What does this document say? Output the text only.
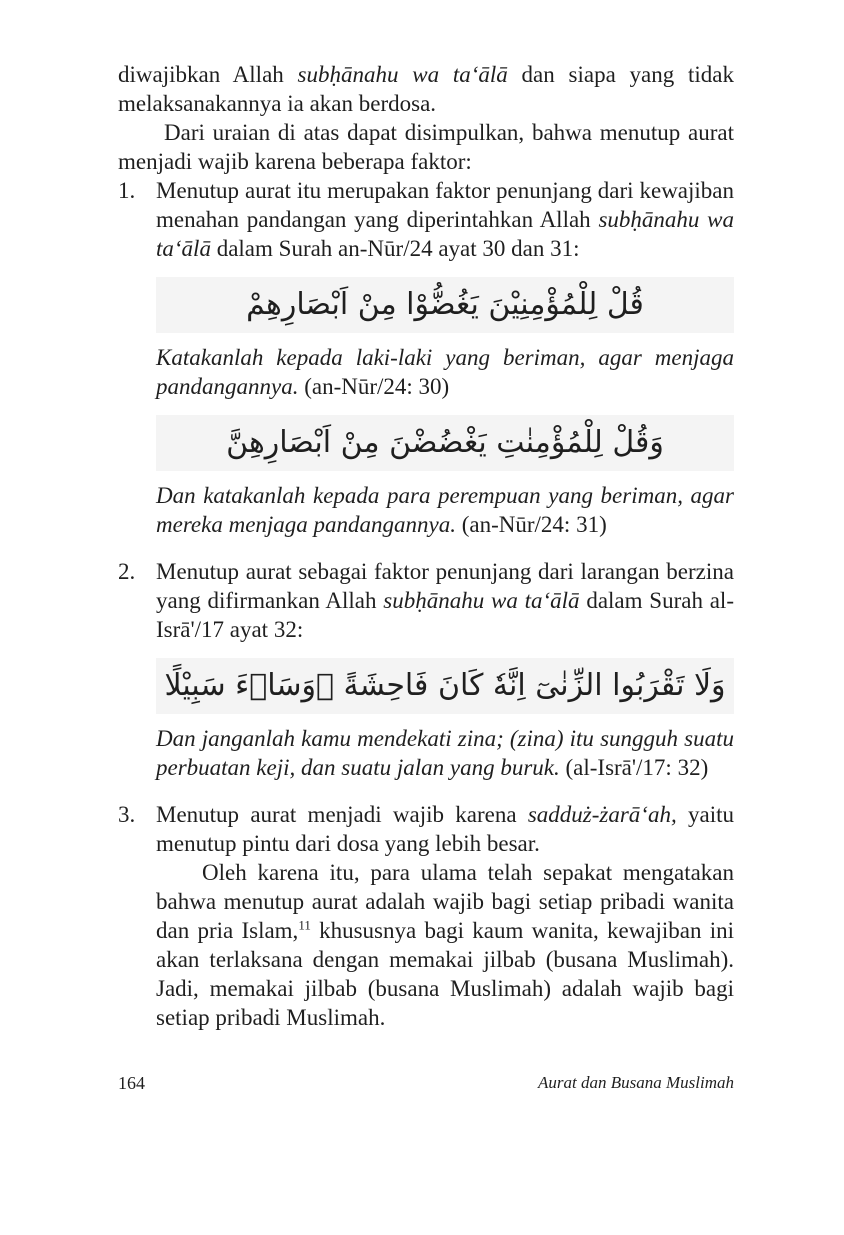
diwajibkan Allah subḥānahu wa ta‘ālā dan siapa yang tidak melaksanakannya ia akan berdosa.

Dari uraian di atas dapat disimpulkan, bahwa menutup aurat menjadi wajib karena beberapa faktor:

1. Menutup aurat itu merupakan faktor penunjang dari kewajiban menahan pandangan yang diperintahkan Allah subḥānahu wa ta‘ālā dalam Surah an-Nūr/24 ayat 30 dan 31:

قُلْ لِلْمُؤْمِنِيْنَ يَغُضُّوْا مِنْ اَبْصَارِهِمْ

Katakanlah kepada laki-laki yang beriman, agar menjaga pandangannya. (an-Nūr/24: 30)

وَقُلْ لِلْمُؤْمِنٰتِ يَغْضُضْنَ مِنْ اَبْصَارِهِنَّ

Dan katakanlah kepada para perempuan yang beriman, agar mereka menjaga pandangannya. (an-Nūr/24: 31)

2. Menutup aurat sebagai faktor penunjang dari larangan berzina yang difirmankan Allah subḥānahu wa ta‘ālā dalam Surah al-Isrā'/17 ayat 32:

وَلَا تَقْرَبُوا الزِّنٰىٓ اِنَّهٗ كَانَ فَاحِشَةً ۗوَسَاۤءَ سَبِيْلًا

Dan janganlah kamu mendekati zina; (zina) itu sungguh suatu perbuatan keji, dan suatu jalan yang buruk. (al-Isrā'/17: 32)

3. Menutup aurat menjadi wajib karena sadduż-żarā‘ah, yaitu menutup pintu dari dosa yang lebih besar.

Oleh karena itu, para ulama telah sepakat mengatakan bahwa menutup aurat adalah wajib bagi setiap pribadi wanita dan pria Islam,$^{11}$ khususnya bagi kaum wanita, kewajiban ini akan terlaksana dengan memakai jilbab (busana Muslimah). Jadi, memakai jilbab (busana Muslimah) adalah wajib bagi setiap pribadi Muslimah.

164	Aurat dan Busana Muslimah
